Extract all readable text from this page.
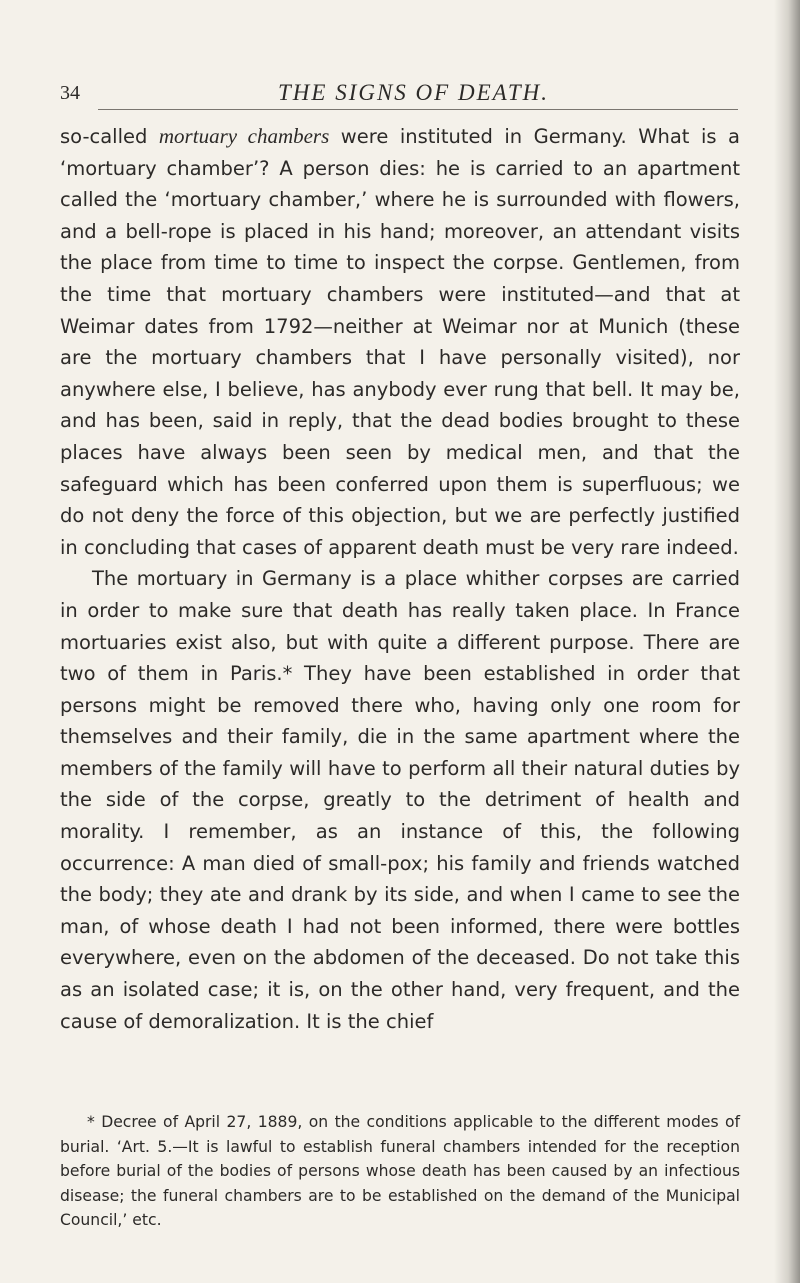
34	THE SIGNS OF DEATH.

so-called mortuary chambers were instituted in Germany. What is a ‘mortuary chamber’? A person dies: he is carried to an apartment called the ‘mortuary chamber,’ where he is surrounded with flowers, and a bell-rope is placed in his hand; moreover, an attendant visits the place from time to time to inspect the corpse. Gentlemen, from the time that mortuary chambers were instituted—and that at Weimar dates from 1792—neither at Weimar nor at Munich (these are the mortuary chambers that I have personally visited), nor anywhere else, I believe, has anybody ever rung that bell. It may be, and has been, said in reply, that the dead bodies brought to these places have always been seen by medical men, and that the safeguard which has been conferred upon them is superfluous; we do not deny the force of this objection, but we are perfectly justified in concluding that cases of apparent death must be very rare indeed.

The mortuary in Germany is a place whither corpses are carried in order to make sure that death has really taken place. In France mortuaries exist also, but with quite a different purpose. There are two of them in Paris.* They have been established in order that persons might be removed there who, having only one room for themselves and their family, die in the same apartment where the members of the family will have to perform all their natural duties by the side of the corpse, greatly to the detriment of health and morality. I remember, as an instance of this, the following occurrence: A man died of small-pox; his family and friends watched the body; they ate and drank by its side, and when I came to see the man, of whose death I had not been informed, there were bottles everywhere, even on the abdomen of the deceased. Do not take this as an isolated case; it is, on the other hand, very frequent, and the cause of demoralization. It is the chief

* Decree of April 27, 1889, on the conditions applicable to the different modes of burial. ‘Art. 5.—It is lawful to establish funeral chambers intended for the reception before burial of the bodies of persons whose death has been caused by an infectious disease; the funeral chambers are to be established on the demand of the Municipal Council,’ etc.
